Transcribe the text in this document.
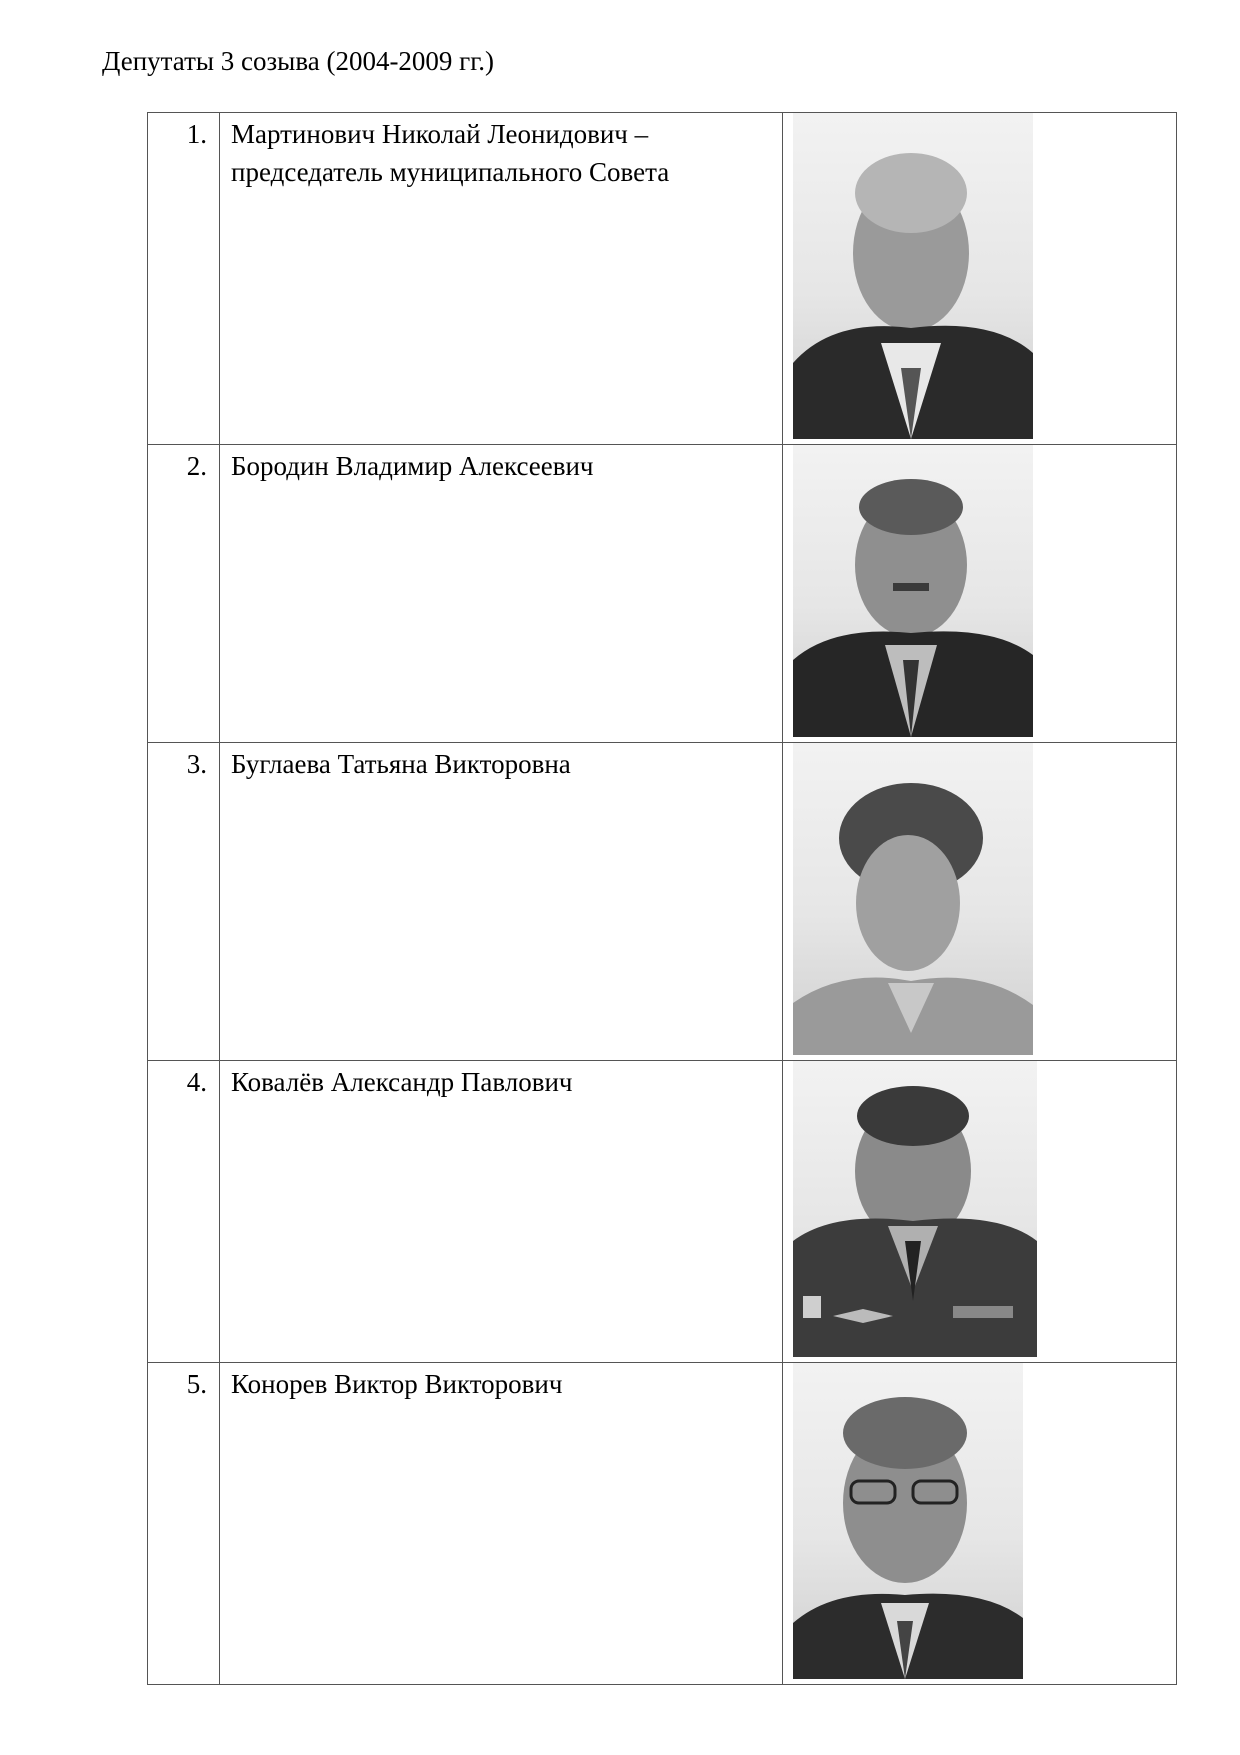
Депутаты 3 созыва (2004-2009 гг.)
1.	Мартинович Николай Леонидович – председатель муниципального Совета	

2.	Бородин Владимир Алексеевич	

3.	Буглаева Татьяна Викторовна	

4.	Ковалёв Александр Павлович	

5.	Конорев Виктор Викторович	
